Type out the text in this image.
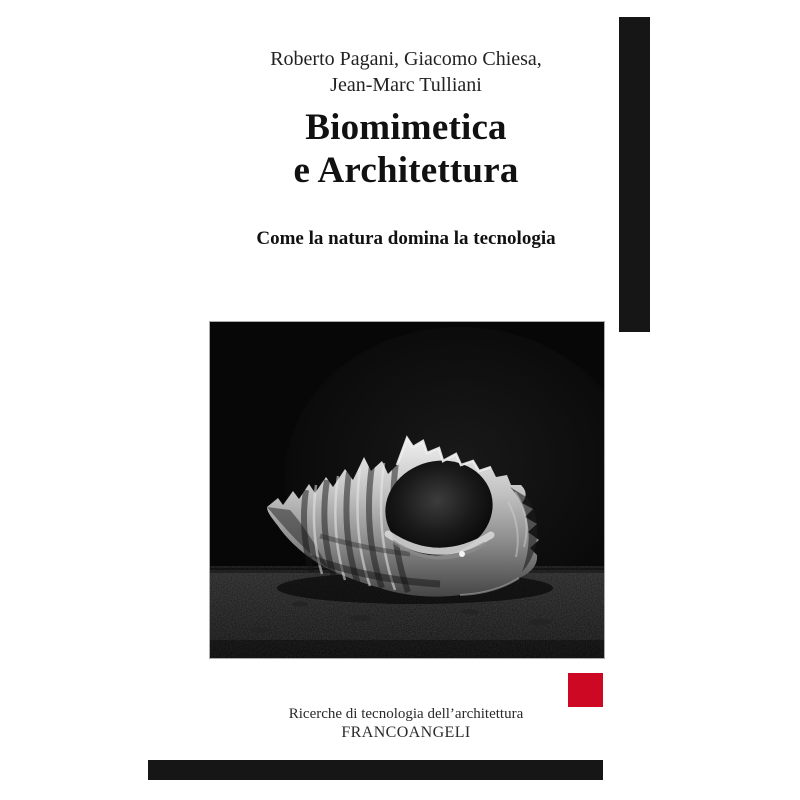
Roberto Pagani, Giacomo Chiesa,
Jean-Marc Tulliani
Biomimetica
e Architettura
Come la natura domina la tecnologia
Ricerche di tecnologia dell’architettura
FRANCOANGELI
